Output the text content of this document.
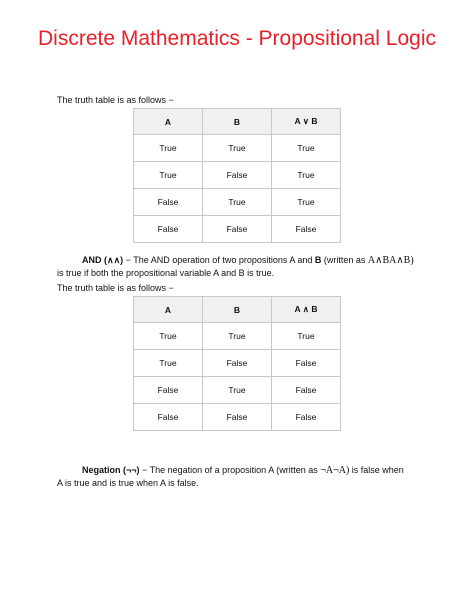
Discrete Mathematics - Propositional Logic
The truth table is as follows −
A	B	A ∨ B
True	True	True
True	False	True
False	True	True
False	False	False
AND (∧∧) − The AND operation of two propositions A and B (written as A∧BA∧B)
is true if both the propositional variable A and B is true.
The truth table is as follows −
A	B	A ∧ B
True	True	True
True	False	False
False	True	False
False	False	False
Negation (¬¬) − The negation of a proposition A (written as ¬A¬A) is false when
A is true and is true when A is false.
